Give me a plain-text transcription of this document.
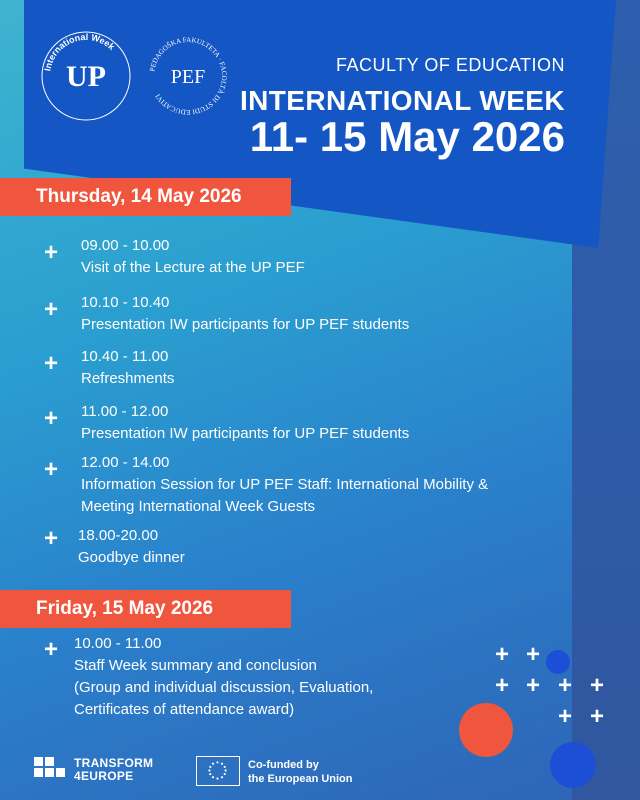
International Week
UP	PEDAGOŠKA FAKULTETA · FACOLTÀ DI STUDI EDUCATIVI
PEF
FACULTY OF EDUCATION
INTERNATIONAL WEEK
11- 15 May 2026
Thursday, 14 May 2026
+ 09.00 - 10.00
Visit of the Lecture at the UP PEF
+ 10.10 - 10.40
Presentation IW participants for UP PEF students
+ 10.40 - 11.00
Refreshments
+ 11.00 - 12.00
Presentation IW participants for UP PEF students
+ 12.00 - 14.00
Information Session for UP PEF Staff: International Mobility &
Meeting International Week Guests
+ 18.00-20.00
Goodbye dinner
Friday, 15 May 2026
+ 10.00 - 11.00
Staff Week summary and conclusion
(Group and individual discussion, Evaluation,
Certificates of attendance award)
+ +
+ + + +
+ +
TRANSFORM
4EUROPE
Co-funded by
the European Union
